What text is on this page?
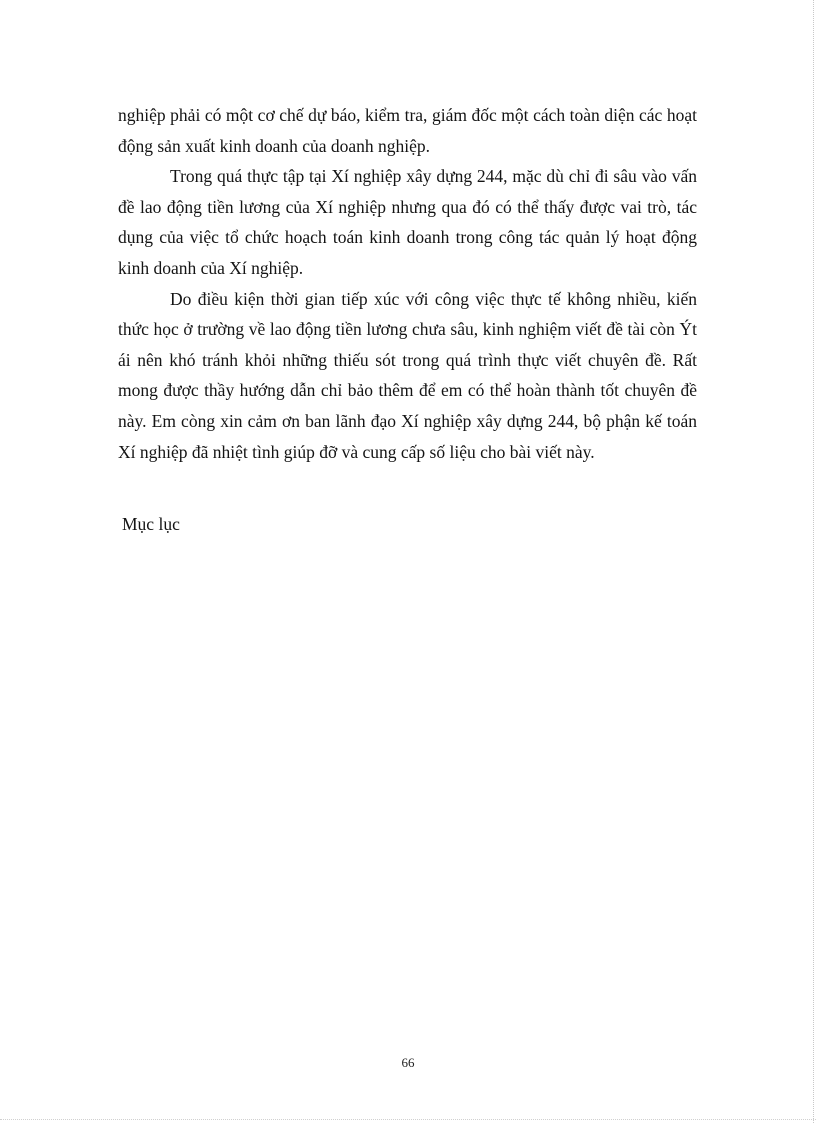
nghiệp phải có một cơ chế dự báo, kiểm tra, giám đốc một cách toàn diện các hoạt động sản xuất kinh doanh của doanh nghiệp.

Trong quá thực tập tại Xí nghiệp xây dựng 244, mặc dù chỉ đi sâu vào vấn đề lao động tiền lương của Xí nghiệp nhưng qua đó có thể thấy được vai trò, tác dụng của việc tổ chức hoạch toán kinh doanh trong công tác quản lý hoạt động kinh doanh của Xí nghiệp.

Do điều kiện thời gian tiếp xúc với công việc thực tế không nhiều, kiến thức học ở trường về lao động tiền lương chưa sâu, kinh nghiệm viết đề tài còn Ýt ái nên khó tránh khỏi những thiếu sót trong quá trình thực viết chuyên đề. Rất mong được thầy hướng dẫn chỉ bảo thêm để em có thể hoàn thành tốt chuyên đề này. Em còng xin cảm ơn ban lãnh đạo Xí nghiệp xây dựng 244, bộ phận kế toán Xí nghiệp đã nhiệt tình giúp đỡ và cung cấp số liệu cho bài viết này.

Mục lục
66
